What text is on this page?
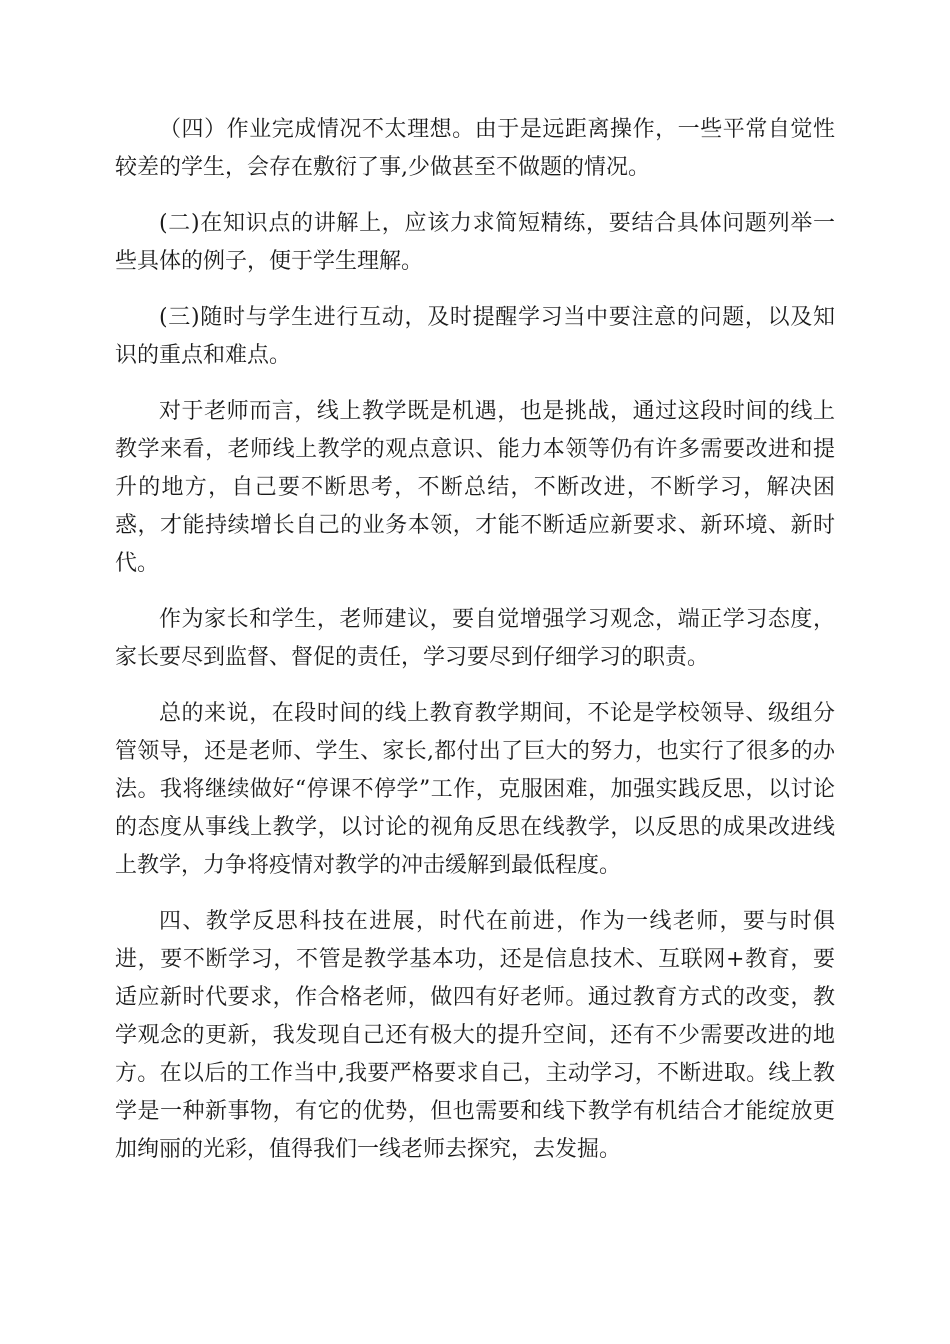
（四）作业完成情况不太理想。由于是远距离操作，一些平常自觉性较差的学生，会存在敷衍了事,少做甚至不做题的情况。

(二)在知识点的讲解上，应该力求简短精练，要结合具体问题列举一些具体的例子，便于学生理解。

(三)随时与学生进行互动，及时提醒学习当中要注意的问题，以及知识的重点和难点。

对于老师而言，线上教学既是机遇，也是挑战，通过这段时间的线上教学来看，老师线上教学的观点意识、能力本领等仍有许多需要改进和提升的地方，自己要不断思考，不断总结，不断改进，不断学习，解决困惑，才能持续增长自己的业务本领，才能不断适应新要求、新环境、新时代。

作为家长和学生，老师建议，要自觉增强学习观念，端正学习态度，家长要尽到监督、督促的责任，学习要尽到仔细学习的职责。

总的来说，在段时间的线上教育教学期间，不论是学校领导、级组分管领导，还是老师、学生、家长,都付出了巨大的努力，也实行了很多的办法。我将继续做好“停课不停学”工作，克服困难，加强实践反思，以讨论的态度从事线上教学，以讨论的视角反思在线教学，以反思的成果改进线上教学，力争将疫情对教学的冲击缓解到最低程度。

四、教学反思科技在进展，时代在前进，作为一线老师，要与时俱进，要不断学习，不管是教学基本功，还是信息技术、互联网+教育，要适应新时代要求，作合格老师，做四有好老师。通过教育方式的改变，教学观念的更新，我发现自己还有极大的提升空间，还有不少需要改进的地方。在以后的工作当中,我要严格要求自己，主动学习，不断进取。线上教学是一种新事物，有它的优势，但也需要和线下教学有机结合才能绽放更加绚丽的光彩，值得我们一线老师去探究，去发掘。
